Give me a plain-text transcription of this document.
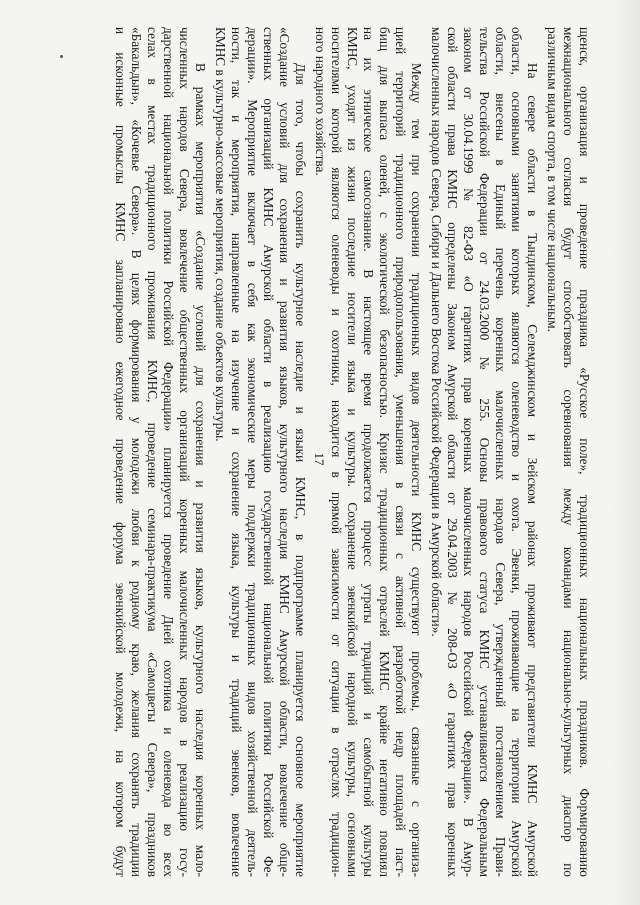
щенск, организация и проведение праздника «Русское поле», традиционных национальных праздников. Формированию
межнационального согласия будут способствовать соревнования между командами национально-культурных диаспор по
различным видам спорта, в том числе национальным.
На севере области в Тындинском, Селемджинском и Зейском районах проживают представители КМНС Амурской
области, основными занятиями которых являются оленеводство и охота. Эвенки, проживающие на территории Амурской
области, внесены в Единый перечень коренных малочисленных народов Севера, утвержденный постановлением Прави-
тельства Российской Федерации от 24.03.2000 № 255. Основы правового статуса КМНС устанавливаются Федеральным
законом от 30.04.1999 № 82-ФЗ «О гарантиях прав коренных малочисленных народов Российской Федерации». В Амур-
ской области права КМНС определены Законом Амурской области от 29.04.2003 № 208-ОЗ «О гарантиях прав коренных
малочисленных народов Севера, Сибири и Дальнего Востока Российской Федерации в Амурской области».
Между тем при сохранении традиционных видов деятельности КМНС существуют проблемы, связанные с организа-
цией территорий традиционного природопользования, уменьшения в связи с активной разработкой недр площадей паст-
бищ для выпаса оленей, с экологической безопасностью. Кризис традиционных отраслей КМНС крайне негативно повлиял
на их этническое самосознание. В настоящее время продолжается процесс утраты традиций и самобытной культуры
КМНС, уходят из жизни последние носители языка и культуры. Сохранение эвенкийской народной культуры, основными
носителями которой являются оленеводы и охотники, находится в прямой зависимости от ситуации в отраслях традицион-
ного народного хозяйства.
Для того, чтобы сохранить культурное наследие и языки КМНС, в подпрограмме планируется основное мероприятие
«Создание условий для сохранения и развития языков, культурного наследия КМНС Амурской области, вовлечение обще-
ственных организаций КМНС Амурской области в реализацию государственной национальной политики Российской Фе-
дерации». Мероприятие включает в себя как экономические меры поддержки традиционных видов хозяйственной деятель-
ности, так и мероприятия, направленные на изучение и сохранение языка, культуры и традиций эвенков, вовлечение
КМНС в культурно-массовые мероприятия, создание объектов культуры.
В рамках мероприятия «Создание условий для сохранения и развития языков, культурного наследия коренных мало-
численных народов Севера, вовлечение общественных организаций коренных малочисленных народов в реализацию госу-
дарственной национальной политики Российской Федерации» планируется проведение Дней охотника и оленевода во всех
селах в местах традиционного проживания КМНС, проведение семинара-практикума «Самоцветы Севера», праздников
«Бакальдын», «Кочевье Севера». В целях формирования у молодежи любви к родному краю, желания сохранять традиции
и исконные промыслы КМНС запланировано ежегодное проведение форума эвенкийской молодежи, на котором будут	17
